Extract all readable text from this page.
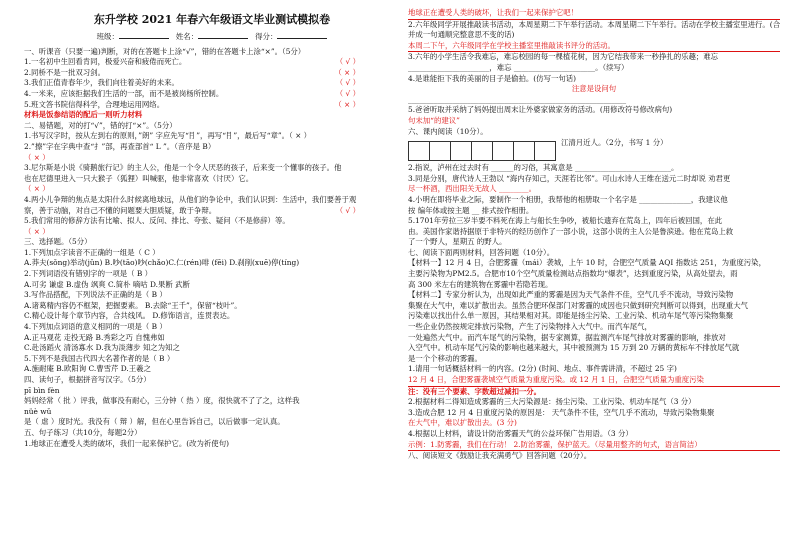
东升学校 2021 年春六年级语文毕业测试模拟卷
班级：	姓名：	得分：
一、听课音（只要一遍)判断，对的在答题卡上涂“√”，错的在答题卡上涂“×”。（5分）
1.一名初中生回看肯同，极爱兴奋和疲倦而死亡。	（ √ ）
2.同桥不是一批双习剑。	（ × ）
3.我们正值青春年少，我们向往着美好的未来。	（ √ ）
4.一米来，应该拒据我们生活的一部，而不是被岗杨所控制。	（ √ ）
5.班文答书院信得科学，合理地运用网络。	（ × ）
材料是饭参结语的配后一则听力材料
二、易错题，对的打“√”，错的打“×”。（5分）
1.书写汉字时，按从左到右的原则，”朗” 字应先写“⺝”，再写“⺝”，最后写“章”。（ × ）
2.”擦”字在字典中查“扌”部，再查部首“ L ”。（音序是 B）
（ × ）
3.尼尔斯是小说《骑鹅旅行记》的主人公，他是一个令人厌恶的孩子，后来变一个懂事的孩子。他
也在尼德里进入一只大猴子（狐狸）叫喊驱，他非常喜欢（讨厌）它。
（ × ）
4.两小儿争辩的焦点是太阳什么时候离地球远，从他们的争论中，我们认识到：生活中，我们要善于观
察，善于动脑，对自己不懂的问题要大胆质疑，敢于争辩。	（ √ ）
5.我们常用的修辞方法有比喻、拟人、反问、排比、夸张、疑问（不是修辞）等。
（ × ）
三、选择题。（5分）
1.下列加点字读音不正确的一组是（ C ）
A.莽夫(sǒng)举动(jǔn) B.吵(tāo)吵(chǎo)C.仁(rén)啡 (fēi) D.刹削(xuē)停(tíng)
2.下列词语没有错别字的一项是（ B ）
A.可劣 谦虚 B.虚伪 飒爽 C.简朴 嘀咕 D.果断 武断
3.写作品搭配，下列说法不正确的是（ B ）
A.诸葛精内容仍不框架，把握要素。 B.去除“王千”，保留“枝叶”。
C.精心设计每个章节内容，合共线风。 D.修饰语言，连贯表达。
4.下列加点词语的意义相同的一项是（ B ）
A.正马观花 走投无路 B.秀彩之巧 自愧弗如
C.赴汤蹈火 清汤寡水 D.我为淡薄步 知之为知之
5.下列不是我国古代四大名著作者的是（ B ）
A.施耐庵 B.欧阳询 C.曹雪芹 D.王羲之
四、读句子，根据拼音写汉字。（5分）
pī bìn fèn
妈妈经常（ 批 ）评我，做事没有耐心，三分钟（ 热 ）度，很快就不了了之，这样我
nüè wǔ
是（ 虐 ）度时光。我没有（ 辩 ）解，但在心里告诉自己，以后做事一定认真。
五、句子练习（共10分，每题2分）
1.地球正在遭受人类的破坏，我们一起来保护它。(改为祈使句)
地球正在遭受人类的破坏，让我们一起来保护它吧！
2.六年级同学开展推敲读书活动，本周星期二下午举行活动。本周星期二下午举行。活动在学校主播室里进行。(合
并成一句通顺完整意思不变的话)
本周二下午，六年级同学在学校主播室里推敲读书评分的活动。
3.六年的小学生活令我难忘，难忘校园的每一棵植花树，因为它结我带来一秒挣扎的乐趣；难忘
______________________，难忘 ______________________。（续写）
4.是谁能拒下我的美丽的目子是偷拍。(仿写一句话)
注意是设问句
___________________________________________________________
5.爸爸听取并采纳了妈妈提出周末让外婆家做家务的活动。(用修改符号修改病句)
句末加“的建议”
六、课内阅读（10分）。
江清月近人。（2分，书写 1 分）
2.指说，泸州在过去时有 ______的习俗，其寓意是 __________________________。
3.同是分别，唐代诗人王勃以 “海内存知己，天涯若比邻”。可山水诗人王维在送元二时却说 劝君更
尽一杯酒，西出阳关无故人 ________。
4.小明在即将毕业之际，要制作一个相册，我帮他的相册取一个名字是 ______________，我建议他
按 编年体或按主题 __ 排式按作相册。
5.1701年劳拉三岁半要不料死在海上与船长生争吵，被船长遗弃在荒岛上，四年后被回国，在此
由。美国作家谐持据原于非特兴的经历创作了一部小说，这部小说的主人公是鲁滨逊。他在荒岛上救
了一个野人，星期五 的野人。
七、阅读下面两则材料，回答问题（10分）。
【材料一】12 月 4 日，合肥雾霾（mái）袭城，上午 10 时，合肥空气质量 AQI 指数达 251，为重度污染，
主要污染物为PM2.5。合肥市10个空气质量检测站点指数均“爆表”，达到重度污染，从高处望去，雨
高 300 米左右的建筑物在雾霾中若隐若现。
【材料二】专家分析认为，出现如此严重的雾霾是因为天气条件不佳，空气几乎不流动，导致污染物
集聚在大气中，难以扩散出去。虽然合肥环保部门对雾霾的成因也只做到研究判断可以得到，出现重大气
污染难以找出什么单一原因，其结果相对其。即能是扬尘污染、工业污染、机动车尾气等污染物集聚
一些企业仍然按规定排放污染物，产生了污染物排入大气中。而汽车尾气，
一处遍然大气中。而汽车尾气的污染物，据专家测算，据监测汽车尾气排放对雾霾的影响，排放对
入空气中。机动车尾气污染的影响也越来越大，其中被预测为 15 万到 20 万辆的黄标车不排放尾气就
是一个个移动的雾霾。
1.请用一句话概括材料一的内容。(2分) (时间、地点、事件需讲清，不超过 25 字)
12 月 4 日，合肥雾霾袭城空气质量为重度污染。或 12 月 1 日，合肥空气质量为重度污染
注：没有三个要素、字数超过减扣一分。
2.根据材料二得知造成雾霾的三大污染源是：扬尘污染、工业污染、机动车尾气（3 分）
3.造成合肥 12 月 4 日重度污染的原因是： 天气条件不佳，空气几乎不流动，导致污染物集聚
在大气中，难以扩散出去。(3 分)
4.根据以上材料，请设计防治雾霾天气的公益环保广告用语。（3 分）
示例：1.防雾霾，我们在行动！ 2.防治雾霾，保护蓝天。（尽量用整齐的句式，语言简洁）
八、阅读短文《鼓励让我充满勇气》回答问题（20分）。
